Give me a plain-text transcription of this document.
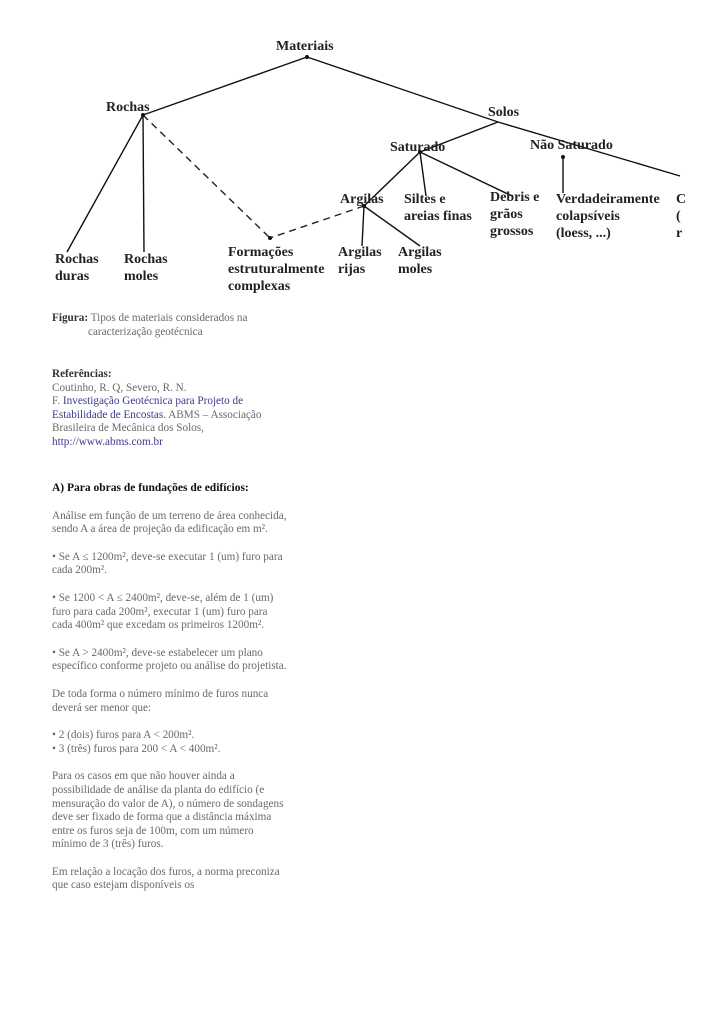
Materiais
Rochas	Solos
Saturado	Não Saturado
Argilas Siltes e
areias finas
Debris e
grãos
grossos
Verdadeiramente
colapsíveis
(loess, ...)
C
(
r
Rochas
duras
Rochas
moles
Formações
estruturalmente
complexas
Argilas
rijas
Argilas
moles
Figura: Tipos de materiais considerados na
caracterização geotécnica

Referências:

Coutinho, R. Q, Severo, R. N.

F. Investigação Geotécnica para Projeto de Estabilidade de Encostas. ABMS – Associação Brasileira de Mecânica dos Solos, http://www.abms.com.br

A) Para obras de fundações de edifícios:

Análise em função de um terreno de área conhecida, sendo A a área de projeção da edificação em m².

• Se A ≤ 1200m², deve-se executar 1 (um) furo para cada 200m².

• Se 1200 < A ≤ 2400m², deve-se, além de 1 (um) furo para cada 200m², executar 1 (um) furo para cada 400m² que excedam os primeiros 1200m².

• Se A > 2400m², deve-se estabelecer um plano específico conforme projeto ou análise do projetista.

De toda forma o número mínimo de furos nunca deverá ser menor que:

• 2 (dois) furos para A < 200m².

• 3 (três) furos para 200 < A < 400m².

Para os casos em que não houver ainda a possibilidade de análise da planta do edifício (e mensuração do valor de A), o número de sondagens deve ser fixado de forma que a distância máxima entre os furos seja de 100m, com um número mínimo de 3 (três) furos.

Em relação a locação dos furos, a norma preconiza que caso estejam disponíveis os
